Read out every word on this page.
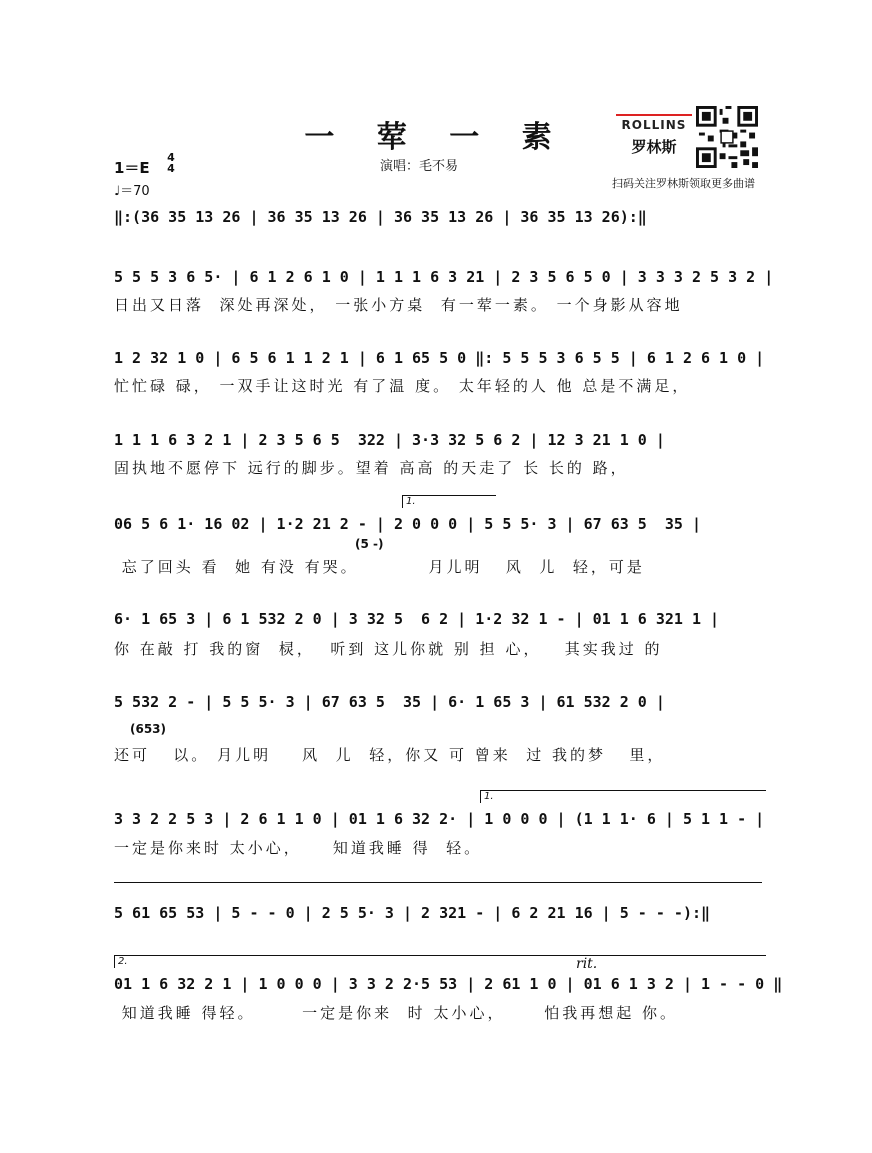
一 荤 一 素
演唱：毛不易
1＝E
4
4
♩＝70
ROLLINS
罗林斯
扫码关注罗林斯领取更多曲谱
‖:(36 35 13 26 | 36 35 13 26 | 36 35 13 26 | 36 35 13 26):‖
5 5 5 3 6 5· | 6 1 2 6 1 0 | 1 1 1 6 3 21 | 2 3 5 6 5 0 | 3 3 3 2 5 3 2 |
日出又日落  深处再深处， 一张小方桌  有一荤一素。 一个身影从容地
1 2 32 1 0 | 6 5 6 1 1 2 1 | 6 1 65 5 0 ‖: 5 5 5 3 6 5 5 | 6 1 2 6 1 0 |
忙忙碌 碌， 一双手让这时光 有了温 度。 太年轻的人 他 总是不满足，
1 1 1 6 3 2 1 | 2 3 5 6 5  322 | 3·3 32 5 6 2 | 12 3 21 1 0 |
固执地不愿停下 远行的脚步。望着 高高 的天走了 长 长的 路，
1.
06 5 6 1· 16 02 | 1·2 21 2 - | 2 0 0 0 | 5 5 5· 3 | 67 63 5  35 |
(5 -)
忘了回头 看  她 有没 有哭。         月儿明   风  儿  轻，可是
6· 1 65 3 | 6 1 532 2 0 | 3 32 5  6 2 | 1·2 32 1 - | 01 1 6 321 1 |
你 在敲 打 我的窗  棂，  听到 这儿你就 别 担 心，   其实我过 的
5 532 2 - | 5 5 5· 3 | 67 63 5  35 | 6· 1 65 3 | 61 532 2 0 |
(653)
还可   以。 月儿明    风  儿  轻，你又 可 曾来  过 我的梦   里，
1.
3 3 2 2 5 3 | 2 6 1 1 0 | 01 1 6 32 2· | 1 0 0 0 | (1 1 1· 6 | 5 1 1 - |
一定是你来时 太小心，    知道我睡 得  轻。
5 61 65 53 | 5 - - 0 | 2 5 5· 3 | 2 321 - | 6 2 21 16 | 5 - - -):‖
2.	rit.
01 1 6 32 2 1 | 1 0 0 0 | 3 3 2 2·5 53 | 2 61 1 0 | 01 6 1 3 2 | 1 - - 0 ‖
知道我睡 得轻。      一定是你来  时 太小心，     怕我再想起 你。
